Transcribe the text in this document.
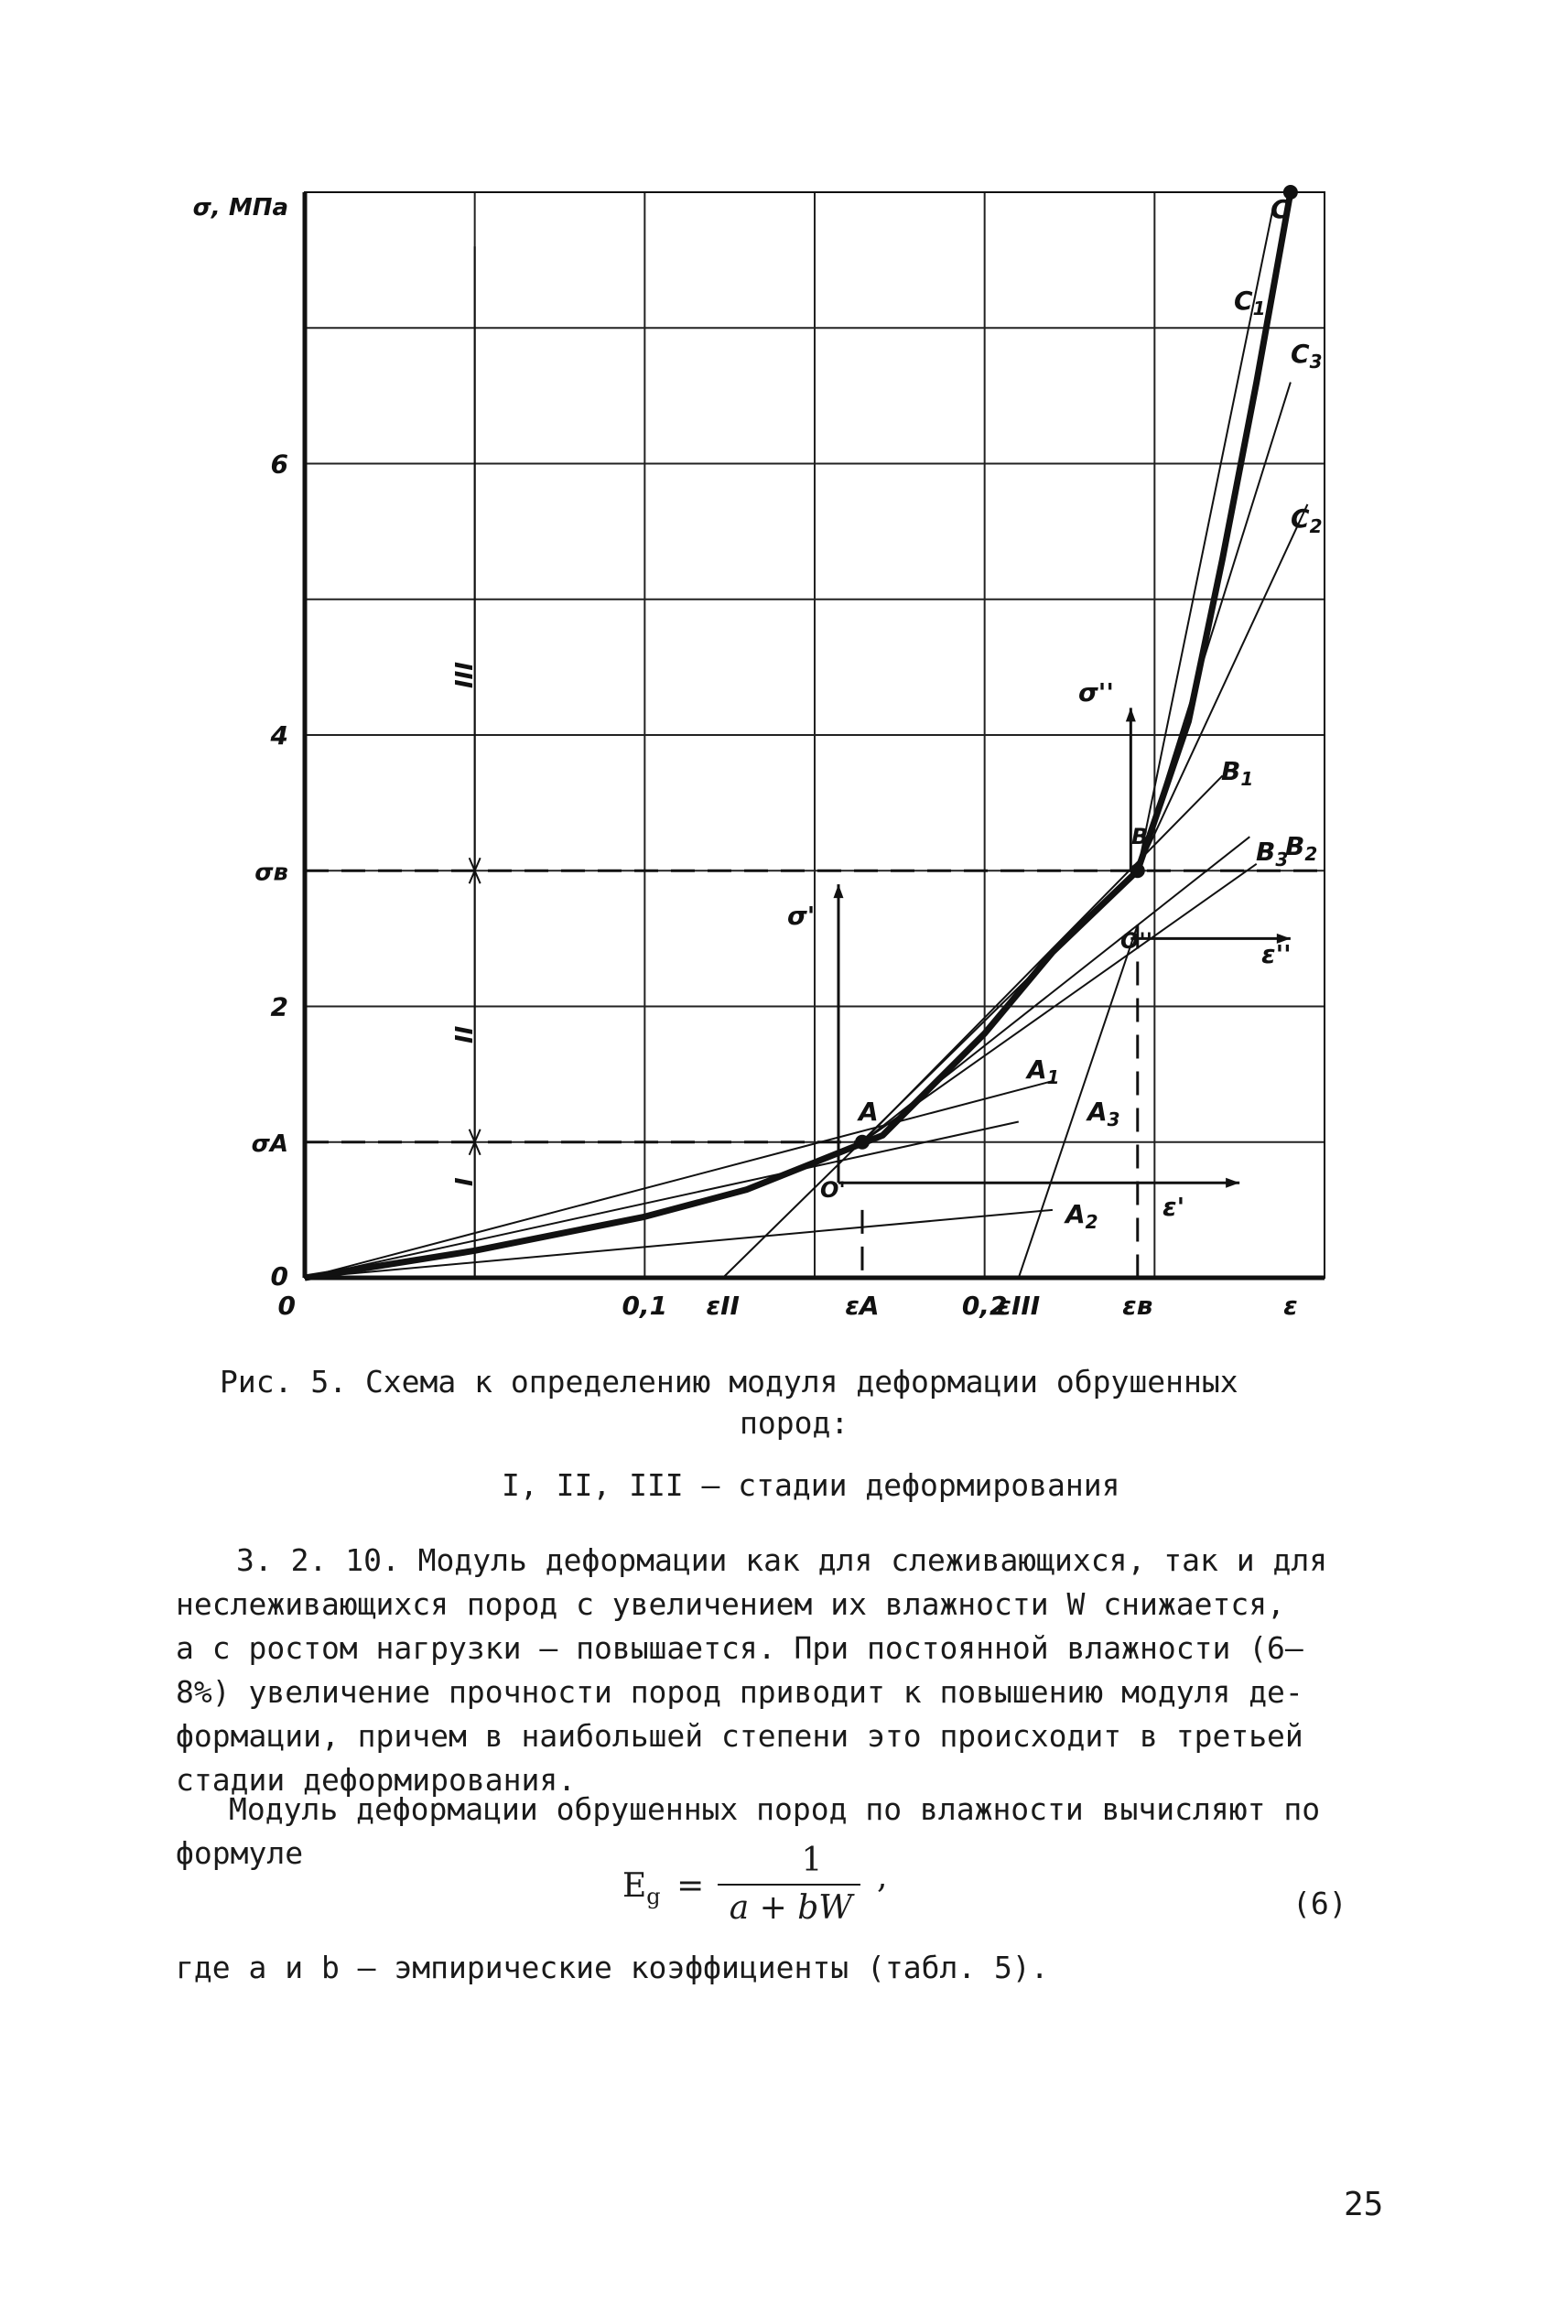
0	0,1	0,2
2
4
6
0
εII	εA	εIII	εв	ε
σA
σв
σ, МПа
A
B
C
$A_1$
$A_2$
$A_3$
$B_1$
$B_3$
$B_2$
$C_1$
$C_3$
$C_2$
O'
O''
ε'
ε''
σ'
σ''
I
II
III
Рис. 5. Схема к определению модуля деформации обрушенных
пород:
I, II, III – стадии деформирования
3. 2. 10. Модуль деформации как для слеживающихся, так и для
неслеживающихся пород с увеличением их влажности W снижается,
а с ростом нагрузки – повышается. При постоянной влажности (6–
8%) увеличение прочности пород приводит к повышению модуля де-
формации, причем в наибольшей степени это происходит в третьей
стадии деформирования.
Модуль деформации обрушенных пород по влажности вычисляют по
формуле
$E_g$ =
1
a + bW
,
(6)
где a и b – эмпирические коэффициенты (табл. 5).
25
